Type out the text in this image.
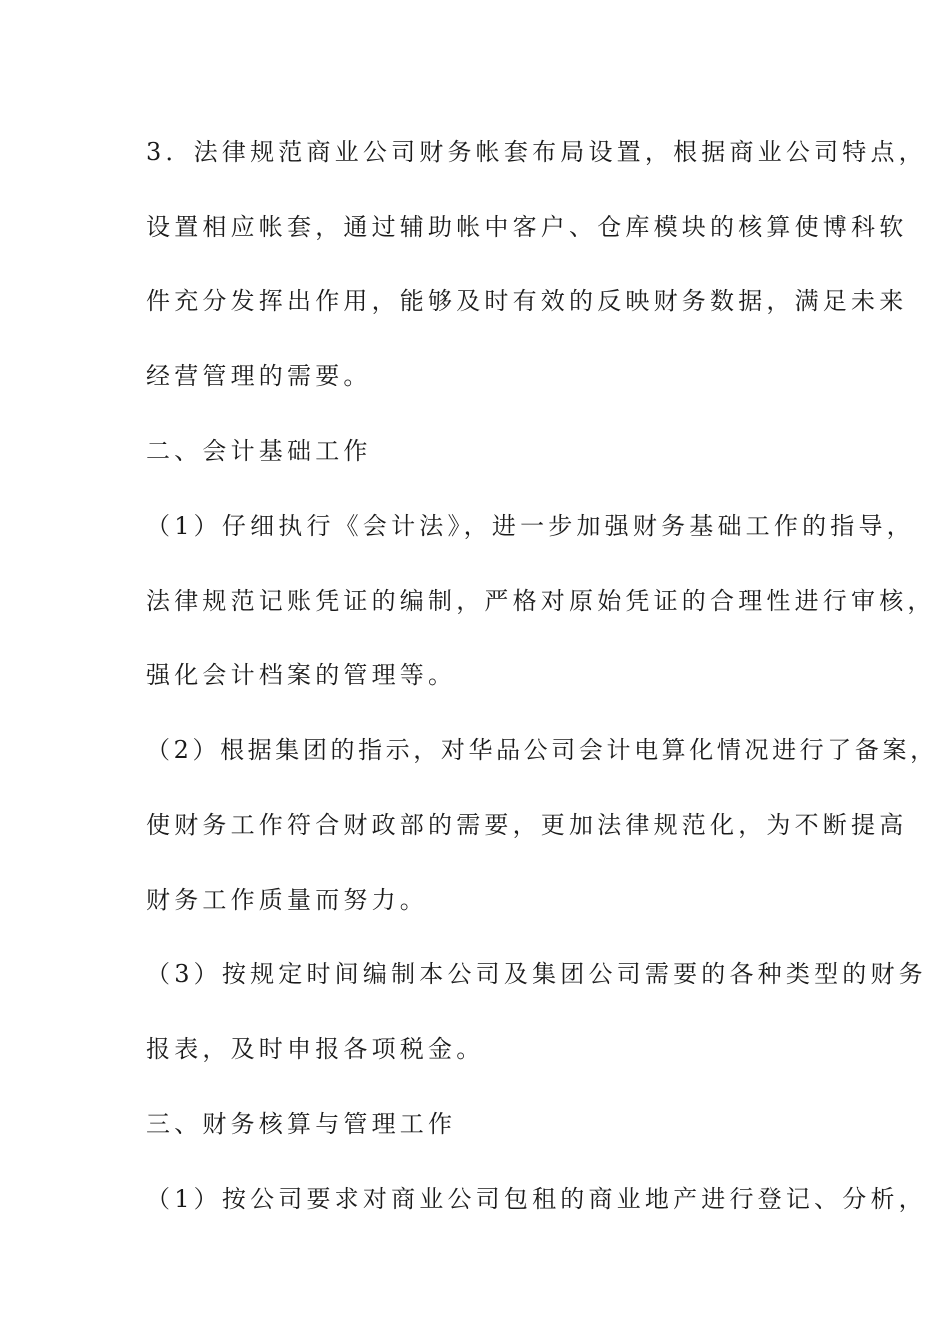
3．法律规范商业公司财务帐套布局设置，根据商业公司特点，

设置相应帐套，通过辅助帐中客户、仓库模块的核算使博科软

件充分发挥出作用，能够及时有效的反映财务数据，满足未来

经营管理的需要。

二、会计基础工作

（1）仔细执行《会计法》，进一步加强财务基础工作的指导，

法律规范记账凭证的编制，严格对原始凭证的合理性进行审核，

强化会计档案的管理等。

（2）根据集团的指示，对华品公司会计电算化情况进行了备案，

使财务工作符合财政部的需要，更加法律规范化，为不断提高

财务工作质量而努力。

（3）按规定时间编制本公司及集团公司需要的各种类型的财务

报表，及时申报各项税金。

三、财务核算与管理工作

（1）按公司要求对商业公司包租的商业地产进行登记、分析，
